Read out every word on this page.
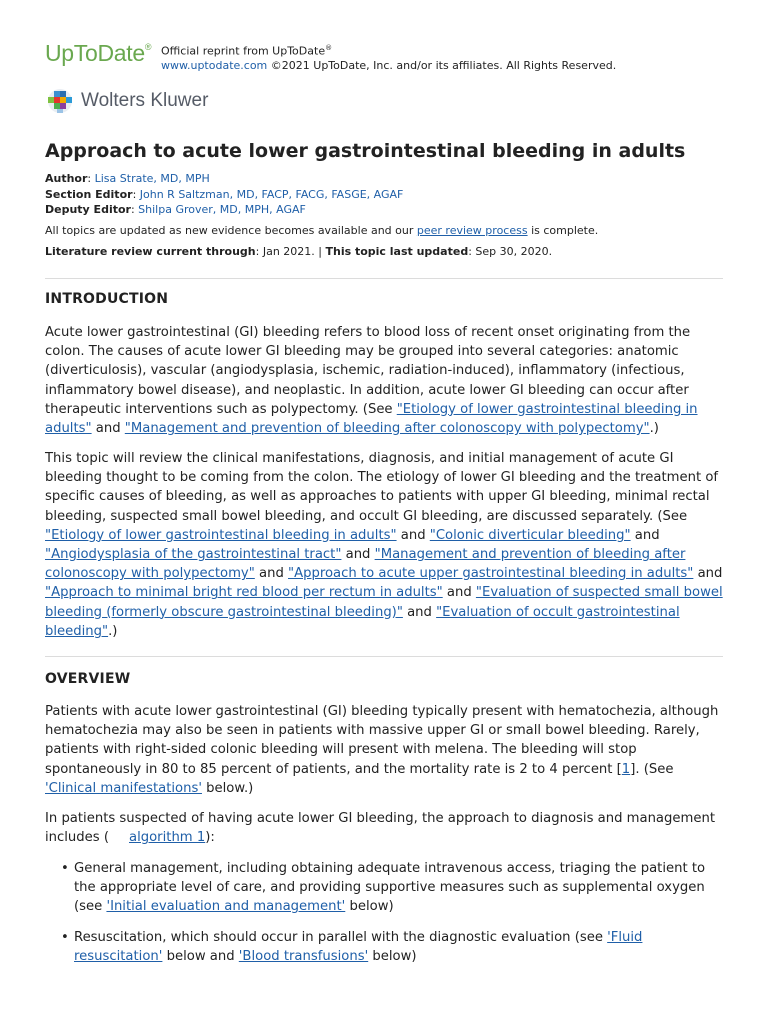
UpToDate® Official reprint from UpToDate®
www.uptodate.com ©2021 UpToDate, Inc. and/or its affiliates. All Rights Reserved.
Wolters Kluwer
Approach to acute lower gastrointestinal bleeding in adults
Author: Lisa Strate, MD, MPH
Section Editor: John R Saltzman, MD, FACP, FACG, FASGE, AGAF
Deputy Editor: Shilpa Grover, MD, MPH, AGAF
All topics are updated as new evidence becomes available and our peer review process is complete.
Literature review current through: Jan 2021. | This topic last updated: Sep 30, 2020.
INTRODUCTION

Acute lower gastrointestinal (GI) bleeding refers to blood loss of recent onset originating from the colon. The causes of acute lower GI bleeding may be grouped into several categories: anatomic (diverticulosis), vascular (angiodysplasia, ischemic, radiation-induced), inflammatory (infectious, inflammatory bowel disease), and neoplastic. In addition, acute lower GI bleeding can occur after therapeutic interventions such as polypectomy. (See "Etiology of lower gastrointestinal bleeding in adults" and "Management and prevention of bleeding after colonoscopy with polypectomy".)

This topic will review the clinical manifestations, diagnosis, and initial management of acute GI bleeding thought to be coming from the colon. The etiology of lower GI bleeding and the treatment of specific causes of bleeding, as well as approaches to patients with upper GI bleeding, minimal rectal bleeding, suspected small bowel bleeding, and occult GI bleeding, are discussed separately. (See "Etiology of lower gastrointestinal bleeding in adults" and "Colonic diverticular bleeding" and "Angiodysplasia of the gastrointestinal tract" and "Management and prevention of bleeding after colonoscopy with polypectomy" and "Approach to acute upper gastrointestinal bleeding in adults" and "Approach to minimal bright red blood per rectum in adults" and "Evaluation of suspected small bowel bleeding (formerly obscure gastrointestinal bleeding)" and "Evaluation of occult gastrointestinal bleeding".)

OVERVIEW

Patients with acute lower gastrointestinal (GI) bleeding typically present with hematochezia, although hematochezia may also be seen in patients with massive upper GI or small bowel bleeding. Rarely, patients with right-sided colonic bleeding will present with melena. The bleeding will stop spontaneously in 80 to 85 percent of patients, and the mortality rate is 2 to 4 percent [1]. (See 'Clinical manifestations' below.)

In patients suspected of having acute lower GI bleeding, the approach to diagnosis and management includes ( algorithm 1):

• General management, including obtaining adequate intravenous access, triaging the patient to the appropriate level of care, and providing supportive measures such as supplemental oxygen (see 'Initial evaluation and management' below)
• Resuscitation, which should occur in parallel with the diagnostic evaluation (see 'Fluid resuscitation' below and 'Blood transfusions' below)
